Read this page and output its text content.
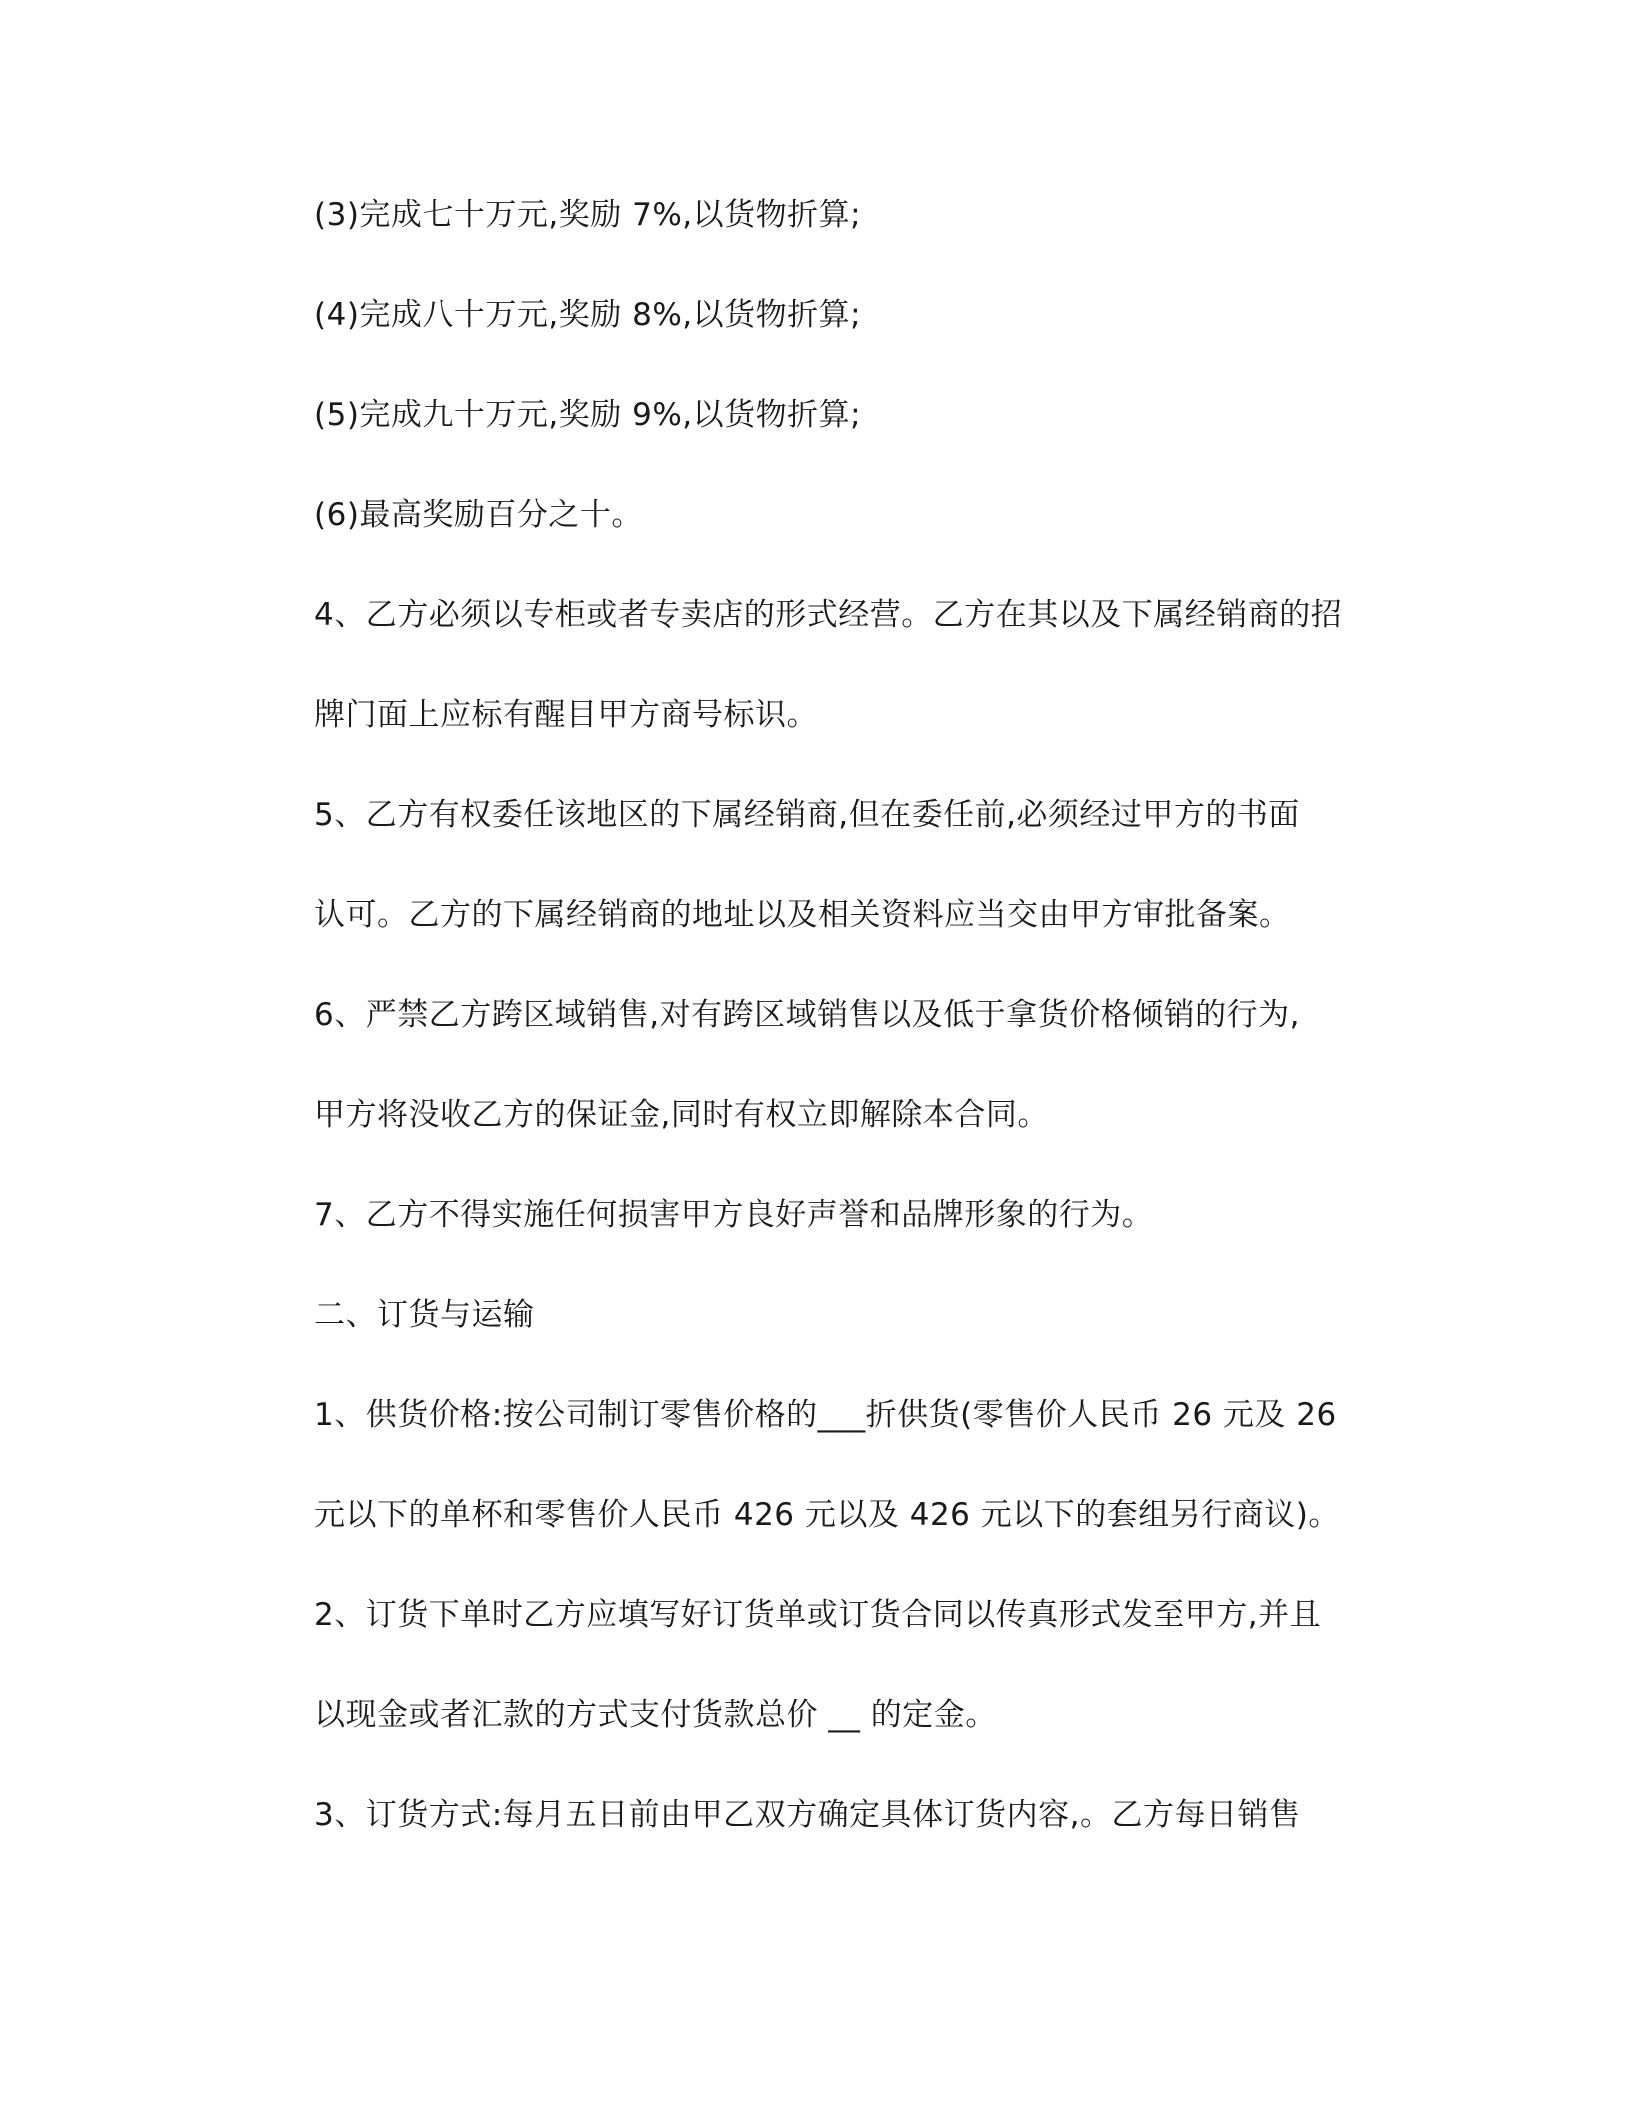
(3)完成七十万元,奖励 7%,以货物折算;
(4)完成八十万元,奖励 8%,以货物折算;
(5)完成九十万元,奖励 9%,以货物折算;
(6)最高奖励百分之十。
4、乙方必须以专柜或者专卖店的形式经营。乙方在其以及下属经销商的招
牌门面上应标有醒目甲方商号标识。
5、乙方有权委任该地区的下属经销商,但在委任前,必须经过甲方的书面
认可。乙方的下属经销商的地址以及相关资料应当交由甲方审批备案。
6、严禁乙方跨区域销售,对有跨区域销售以及低于拿货价格倾销的行为,
甲方将没收乙方的保证金,同时有权立即解除本合同。
7、乙方不得实施任何损害甲方良好声誉和品牌形象的行为。
二、订货与运输
1、供货价格:按公司制订零售价格的___折供货(零售价人民币 26 元及 26
元以下的单杯和零售价人民币 426 元以及 426 元以下的套组另行商议)。
2、订货下单时乙方应填写好订货单或订货合同以传真形式发至甲方,并且
以现金或者汇款的方式支付货款总价 __ 的定金。
3、订货方式:每月五日前由甲乙双方确定具体订货内容,。乙方每日销售
